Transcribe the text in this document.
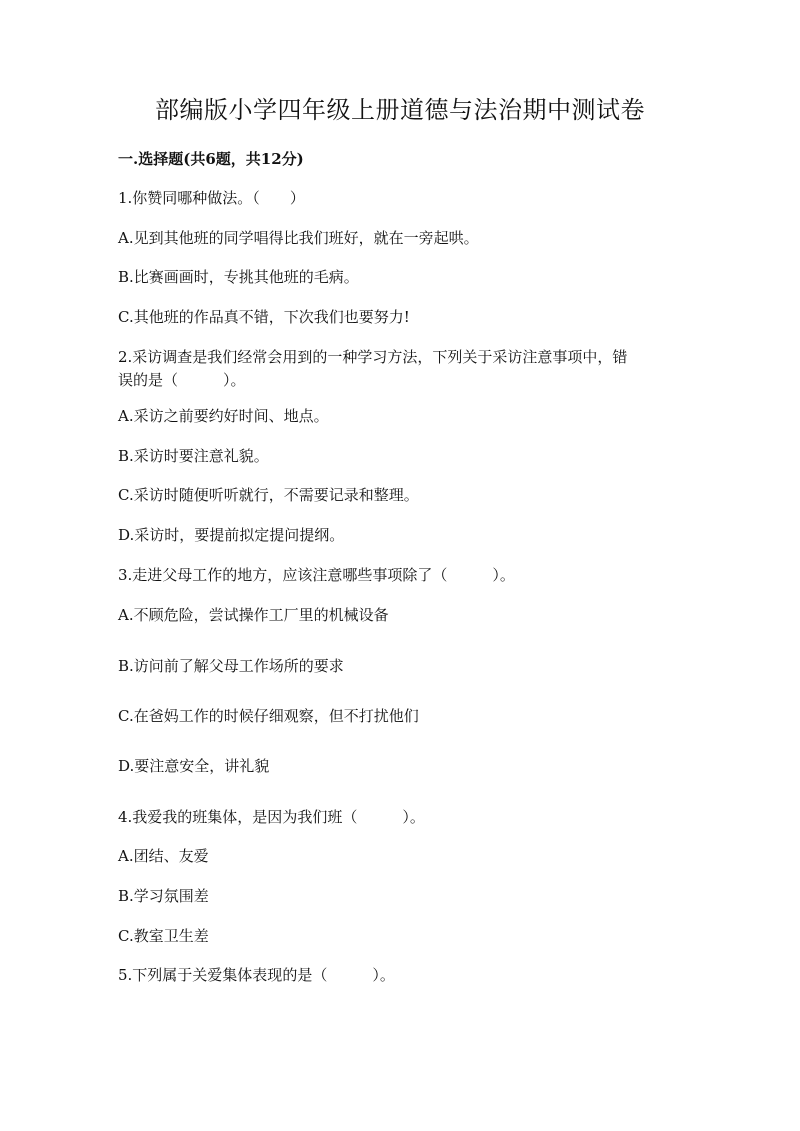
部编版小学四年级上册道德与法治期中测试卷
一.选择题(共6题，共12分)
1.你赞同哪种做法。（　　）
A.见到其他班的同学唱得比我们班好，就在一旁起哄。
B.比赛画画时，专挑其他班的毛病。
C.其他班的作品真不错，下次我们也要努力!
2.采访调查是我们经常会用到的一种学习方法，下列关于采访注意事项中，错
误的是（　　　）。
A.采访之前要约好时间、地点。
B.采访时要注意礼貌。
C.采访时随便听听就行，不需要记录和整理。
D.采访时，要提前拟定提问提纲。
3.走进父母工作的地方，应该注意哪些事项除了（　　　）。
A.不顾危险，尝试操作工厂里的机械设备
B.访问前了解父母工作场所的要求
C.在爸妈工作的时候仔细观察，但不打扰他们
D.要注意安全，讲礼貌
4.我爱我的班集体，是因为我们班（　　　）。
A.团结、友爱
B.学习氛围差
C.教室卫生差
5.下列属于关爱集体表现的是（　　　）。
